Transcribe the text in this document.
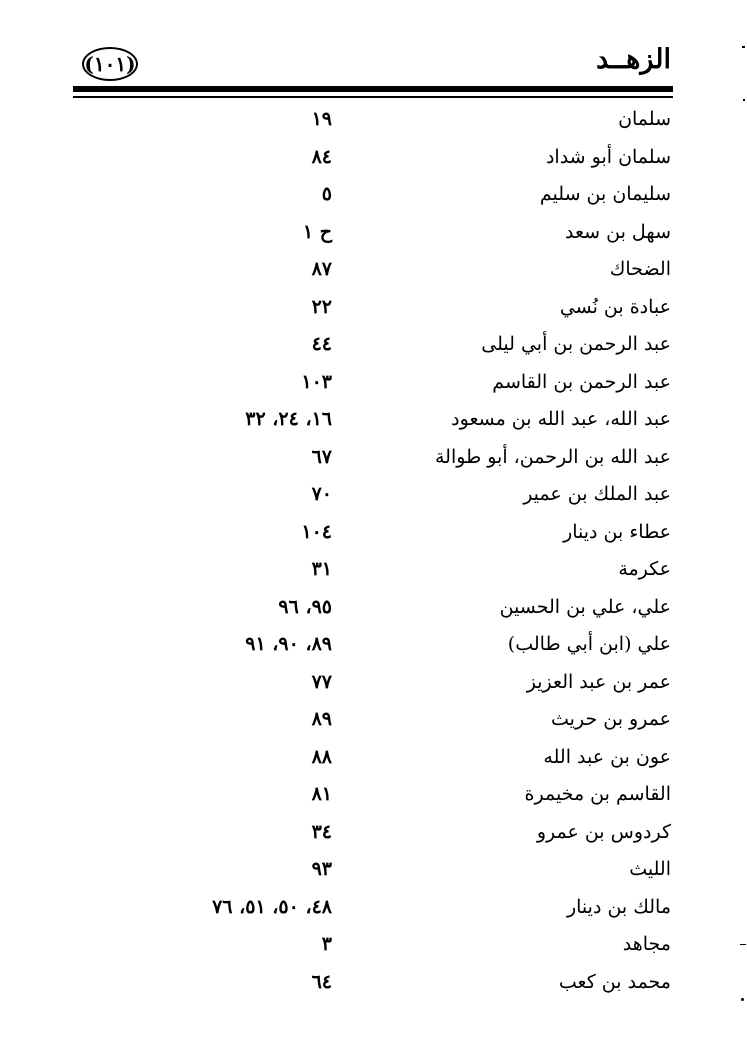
الزهــد
(١٠١)
سلمان
١٩
سلمان أبو شداد
٨٤
سليمان بن سليم
٥
سهل بن سعد
ح ١
الضحاك
٨٧
عبادة بن نُسي
٢٢
عبد الرحمن بن أبي ليلى
٤٤
عبد الرحمن بن القاسم
١٠٣
عبد الله، عبد الله بن مسعود
١٦، ٢٤، ٣٢
عبد الله بن الرحمن، أبو طوالة
٦٧
عبد الملك بن عمير
٧٠
عطاء بن دينار
١٠٤
عكرمة
٣١
علي، علي بن الحسين
٩٥، ٩٦
علي (ابن أبي طالب)
٨٩، ٩٠، ٩١
عمر بن عبد العزيز
٧٧
عمرو بن حريث
٨٩
عون بن عبد الله
٨٨
القاسم بن مخيمرة
٨١
كردوس بن عمرو
٣٤
الليث
٩٣
مالك بن دينار
٤٨، ٥٠، ٥١، ٧٦
مجاهد
٣
محمد بن كعب
٦٤
